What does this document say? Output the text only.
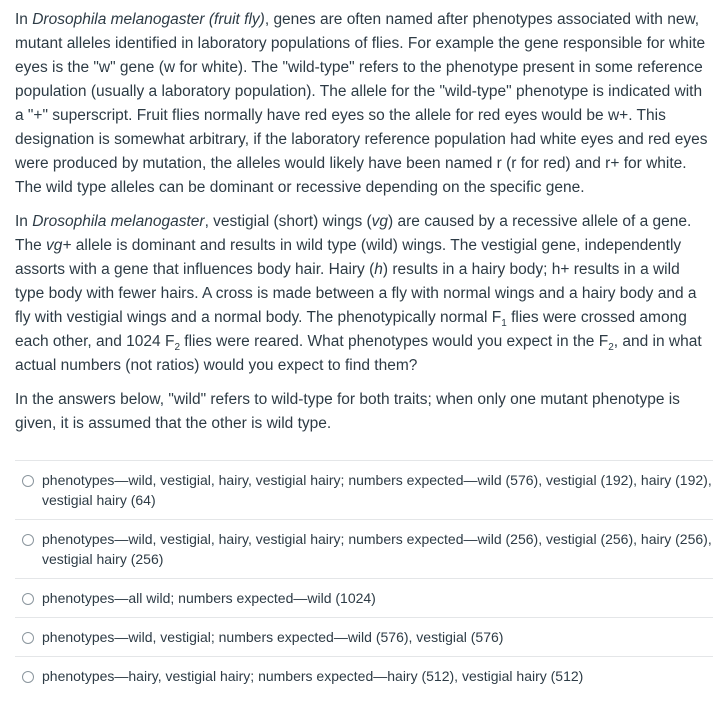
In Drosophila melanogaster (fruit fly), genes are often named after phenotypes associated with new, mutant alleles identified in laboratory populations of flies. For example the gene responsible for white eyes is the "w" gene (w for white). The "wild-type" refers to the phenotype present in some reference population (usually a laboratory population). The allele for the "wild-type" phenotype is indicated with a "+" superscript. Fruit flies normally have red eyes so the allele for red eyes would be w+. This designation is somewhat arbitrary, if the laboratory reference population had white eyes and red eyes were produced by mutation, the alleles would likely have been named r (r for red) and r+ for white. The wild type alleles can be dominant or recessive depending on the specific gene.

In Drosophila melanogaster, vestigial (short) wings (vg) are caused by a recessive allele of a gene. The vg+ allele is dominant and results in wild type (wild) wings. The vestigial gene, independently assorts with a gene that influences body hair. Hairy (h) results in a hairy body; h+ results in a wild type body with fewer hairs. A cross is made between a fly with normal wings and a hairy body and a fly with vestigial wings and a normal body. The phenotypically normal $F_1$ flies were crossed among each other, and 1024 $F_2$ flies were reared. What phenotypes would you expect in the $F_2$, and in what actual numbers (not ratios) would you expect to find them?

In the answers below, "wild" refers to wild-type for both traits; when only one mutant phenotype is given, it is assumed that the other is wild type.

phenotypes—wild, vestigial, hairy, vestigial hairy; numbers expected—wild (576), vestigial (192), hairy (192), vestigial hairy (64)
phenotypes—wild, vestigial, hairy, vestigial hairy; numbers expected—wild (256), vestigial (256), hairy (256), vestigial hairy (256)
phenotypes—all wild; numbers expected—wild (1024)
phenotypes—wild, vestigial; numbers expected—wild (576), vestigial (576)
phenotypes—hairy, vestigial hairy; numbers expected—hairy (512), vestigial hairy (512)
